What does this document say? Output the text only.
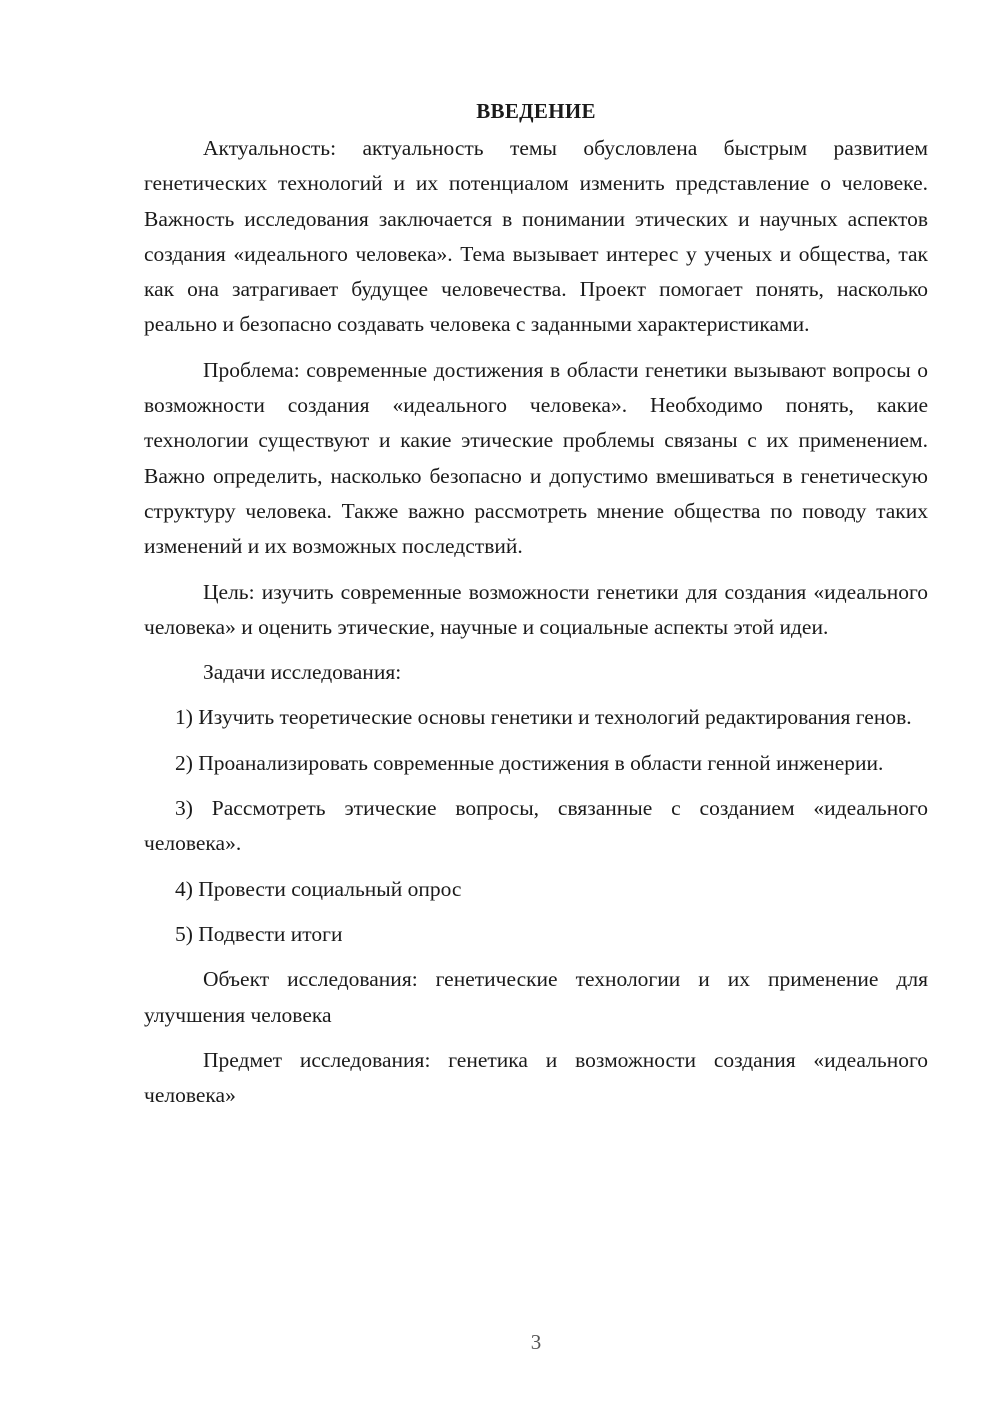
ВВЕДЕНИЕ

Актуальность: актуальность темы обусловлена быстрым развитием генетических технологий и их потенциалом изменить представление о человеке. Важность исследования заключается в понимании этических и научных аспектов создания «идеального человека». Тема вызывает интерес у ученых и общества, так как она затрагивает будущее человечества. Проект помогает понять, насколько реально и безопасно создавать человека с заданными характеристиками.

Проблема: современные достижения в области генетики вызывают вопросы о возможности создания «идеального человека». Необходимо понять, какие технологии существуют и какие этические проблемы связаны с их применением. Важно определить, насколько безопасно и допустимо вмешиваться в генетическую структуру человека. Также важно рассмотреть мнение общества по поводу таких изменений и их возможных последствий.

Цель: изучить современные возможности генетики для создания «идеального человека» и оценить этические, научные и социальные аспекты этой идеи.

Задачи исследования:

1) Изучить теоретические основы генетики и технологий редактирования генов.

2) Проанализировать современные достижения в области генной инженерии.

3) Рассмотреть этические вопросы, связанные с созданием «идеального человека».

4) Провести социальный опрос

5) Подвести итоги

Объект исследования: генетические технологии и их применение для улучшения человека

Предмет исследования: генетика и возможности создания «идеального человека»

3
